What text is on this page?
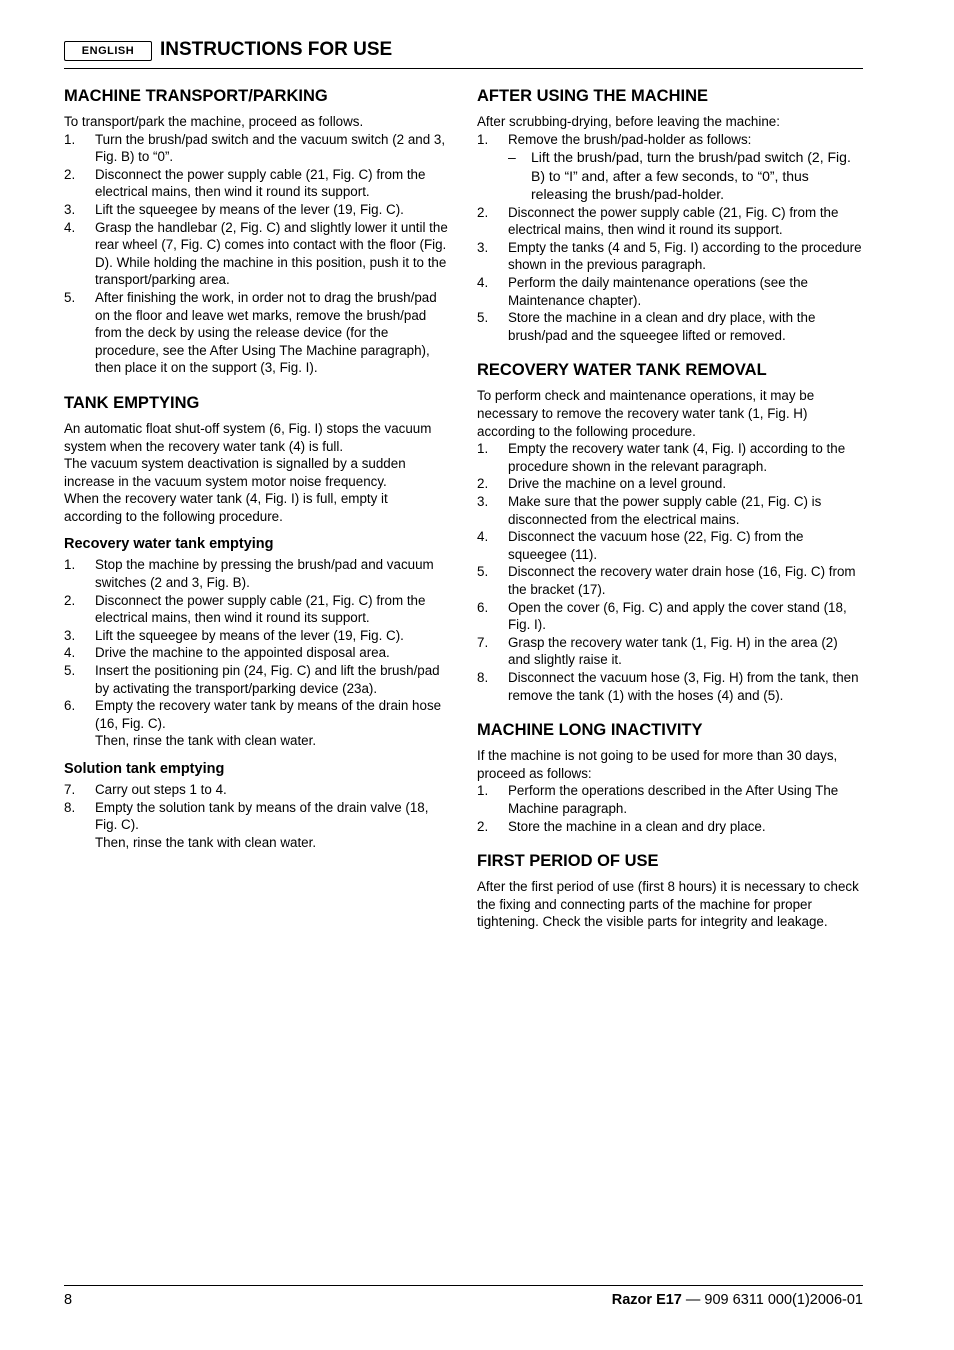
ENGLISH	INSTRUCTIONS FOR USE
MACHINE TRANSPORT/PARKING

To transport/park the machine, proceed as follows.

1.	Turn the brush/pad switch and the vacuum switch (2 and 3, Fig. B) to “0”.
2.	Disconnect the power supply cable (21, Fig. C) from the electrical mains, then wind it round its support.
3.	Lift the squeegee by means of the lever (19, Fig. C).
4.	Grasp the handlebar (2, Fig. C) and slightly lower it until the rear wheel (7, Fig. C) comes into contact with the floor (Fig. D). While holding the machine in this position, push it to the transport/parking area.
5.	After finishing the work, in order not to drag the brush/pad on the floor and leave wet marks, remove the brush/pad from the deck by using the release device (for the procedure, see the After Using The Machine paragraph), then place it on the support (3, Fig. I).
TANK EMPTYING

An automatic float shut-off system (6, Fig. I) stops the vacuum system when the recovery water tank (4) is full.

The vacuum system deactivation is signalled by a sudden increase in the vacuum system motor noise frequency.

When the recovery water tank (4, Fig. I) is full, empty it according to the following procedure.

Recovery water tank emptying
1.	Stop the machine by pressing the brush/pad and vacuum switches (2 and 3, Fig. B).
2.	Disconnect the power supply cable (21, Fig. C) from the electrical mains, then wind it round its support.
3.	Lift the squeegee by means of the lever (19, Fig. C).
4.	Drive the machine to the appointed disposal area.
5.	Insert the positioning pin (24, Fig. C) and lift the brush/pad by activating the transport/parking device (23a).
6.	Empty the recovery water tank by means of the drain hose (16, Fig. C).
Then, rinse the tank with clean water.
Solution tank emptying
7.	Carry out steps 1 to 4.
8.	Empty the solution tank by means of the drain valve (18, Fig. C).
Then, rinse the tank with clean water.
AFTER USING THE MACHINE

After scrubbing-drying, before leaving the machine:

1.	Remove the brush/pad-holder as follows:
–	Lift the brush/pad, turn the brush/pad switch (2, Fig. B) to “I” and, after a few seconds, to “0”, thus releasing the brush/pad-holder.
2.	Disconnect the power supply cable (21, Fig. C) from the electrical mains, then wind it round its support.
3.	Empty the tanks (4 and 5, Fig. I) according to the procedure shown in the previous paragraph.
4.	Perform the daily maintenance operations (see the Maintenance chapter).
5.	Store the machine in a clean and dry place, with the brush/pad and the squeegee lifted or removed.
RECOVERY WATER TANK REMOVAL

To perform check and maintenance operations, it may be necessary to remove the recovery water tank (1, Fig. H) according to the following procedure.

1.	Empty the recovery water tank (4, Fig. I) according to the procedure shown in the relevant paragraph.
2.	Drive the machine on a level ground.
3.	Make sure that the power supply cable (21, Fig. C) is disconnected from the electrical mains.
4.	Disconnect the vacuum hose (22, Fig. C) from the squeegee (11).
5.	Disconnect the recovery water drain hose (16, Fig. C) from the bracket (17).
6.	Open the cover (6, Fig. C) and apply the cover stand (18, Fig. I).
7.	Grasp the recovery water tank (1, Fig. H) in the area (2) and slightly raise it.
8.	Disconnect the vacuum hose (3, Fig. H) from the tank, then remove the tank (1) with the hoses (4) and (5).
MACHINE LONG INACTIVITY

If the machine is not going to be used for more than 30 days, proceed as follows:

1.	Perform the operations described in the After Using The Machine paragraph.
2.	Store the machine in a clean and dry place.
FIRST PERIOD OF USE

After the first period of use (first 8 hours) it is necessary to check the fixing and connecting parts of the machine for proper tightening. Check the visible parts for integrity and leakage.

8	Razor E17 — 909 6311 000(1)2006-01
